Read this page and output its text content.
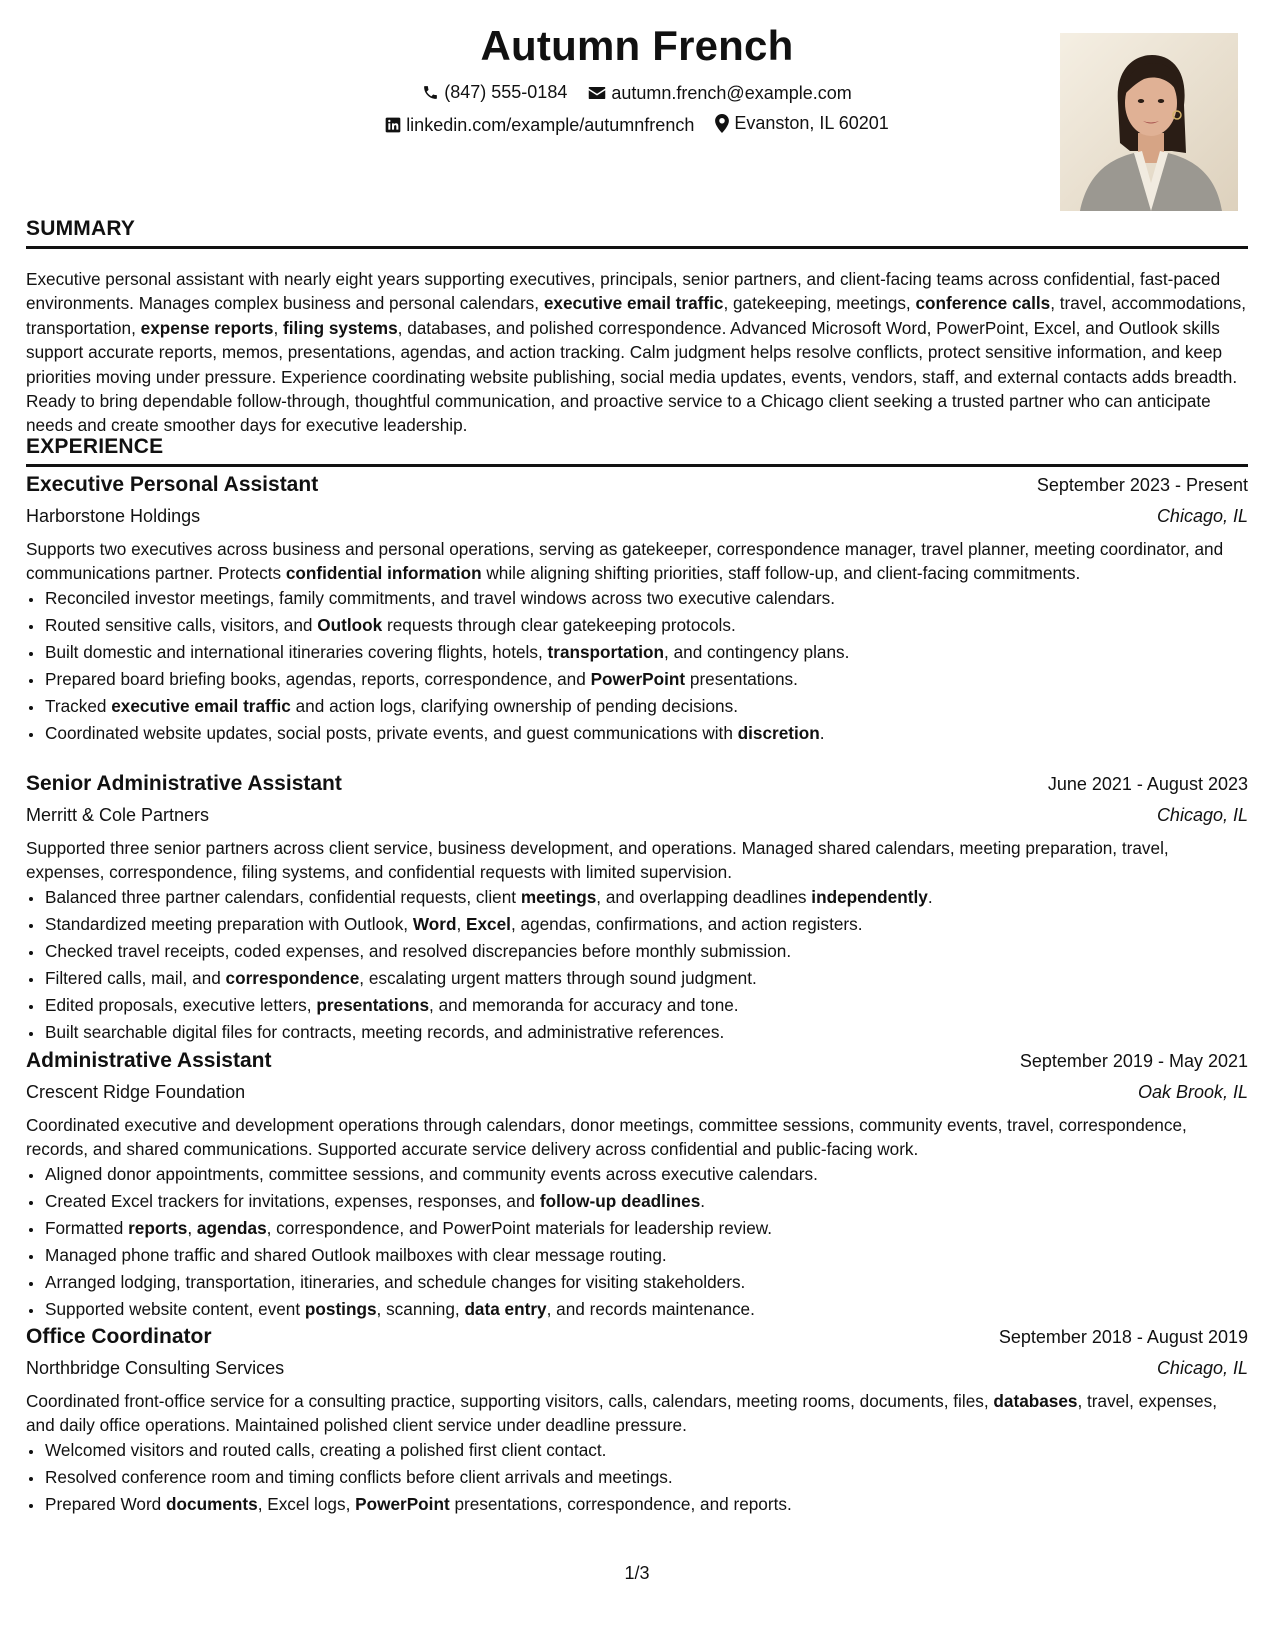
Autumn French
(847) 555-0184
autumn.french@example.com
linkedin.com/example/autumnfrench
Evanston, IL 60201
SUMMARY
Executive personal assistant with nearly eight years supporting executives, principals, senior partners, and client-facing teams across confidential, fast-paced environments. Manages complex business and personal calendars, executive email traffic, gatekeeping, meetings, conference calls, travel, accommodations, transportation, expense reports, filing systems, databases, and polished correspondence. Advanced Microsoft Word, PowerPoint, Excel, and Outlook skills support accurate reports, memos, presentations, agendas, and action tracking. Calm judgment helps resolve conflicts, protect sensitive information, and keep priorities moving under pressure. Experience coordinating website publishing, social media updates, events, vendors, staff, and external contacts adds breadth. Ready to bring dependable follow-through, thoughtful communication, and proactive service to a Chicago client seeking a trusted partner who can anticipate needs and create smoother days for executive leadership.
EXPERIENCE
Executive Personal Assistant	September 2023 - Present
Harborstone Holdings	Chicago, IL
Supports two executives across business and personal operations, serving as gatekeeper, correspondence manager, travel planner, meeting coordinator, and communications partner. Protects confidential information while aligning shifting priorities, staff follow-up, and client-facing commitments.
• Reconciled investor meetings, family commitments, and travel windows across two executive calendars.
• Routed sensitive calls, visitors, and Outlook requests through clear gatekeeping protocols.
• Built domestic and international itineraries covering flights, hotels, transportation, and contingency plans.
• Prepared board briefing books, agendas, reports, correspondence, and PowerPoint presentations.
• Tracked executive email traffic and action logs, clarifying ownership of pending decisions.
• Coordinated website updates, social posts, private events, and guest communications with discretion.
Senior Administrative Assistant	June 2021 - August 2023
Merritt & Cole Partners	Chicago, IL
Supported three senior partners across client service, business development, and operations. Managed shared calendars, meeting preparation, travel, expenses, correspondence, filing systems, and confidential requests with limited supervision.
• Balanced three partner calendars, confidential requests, client meetings, and overlapping deadlines independently.
• Standardized meeting preparation with Outlook, Word, Excel, agendas, confirmations, and action registers.
• Checked travel receipts, coded expenses, and resolved discrepancies before monthly submission.
• Filtered calls, mail, and correspondence, escalating urgent matters through sound judgment.
• Edited proposals, executive letters, presentations, and memoranda for accuracy and tone.
• Built searchable digital files for contracts, meeting records, and administrative references.
Administrative Assistant	September 2019 - May 2021
Crescent Ridge Foundation	Oak Brook, IL
Coordinated executive and development operations through calendars, donor meetings, committee sessions, community events, travel, correspondence, records, and shared communications. Supported accurate service delivery across confidential and public-facing work.
• Aligned donor appointments, committee sessions, and community events across executive calendars.
• Created Excel trackers for invitations, expenses, responses, and follow-up deadlines.
• Formatted reports, agendas, correspondence, and PowerPoint materials for leadership review.
• Managed phone traffic and shared Outlook mailboxes with clear message routing.
• Arranged lodging, transportation, itineraries, and schedule changes for visiting stakeholders.
• Supported website content, event postings, scanning, data entry, and records maintenance.
Office Coordinator	September 2018 - August 2019
Northbridge Consulting Services	Chicago, IL
Coordinated front-office service for a consulting practice, supporting visitors, calls, calendars, meeting rooms, documents, files, databases, travel, expenses, and daily office operations. Maintained polished client service under deadline pressure.
• Welcomed visitors and routed calls, creating a polished first client contact.
• Resolved conference room and timing conflicts before client arrivals and meetings.
• Prepared Word documents, Excel logs, PowerPoint presentations, correspondence, and reports.
1/3
